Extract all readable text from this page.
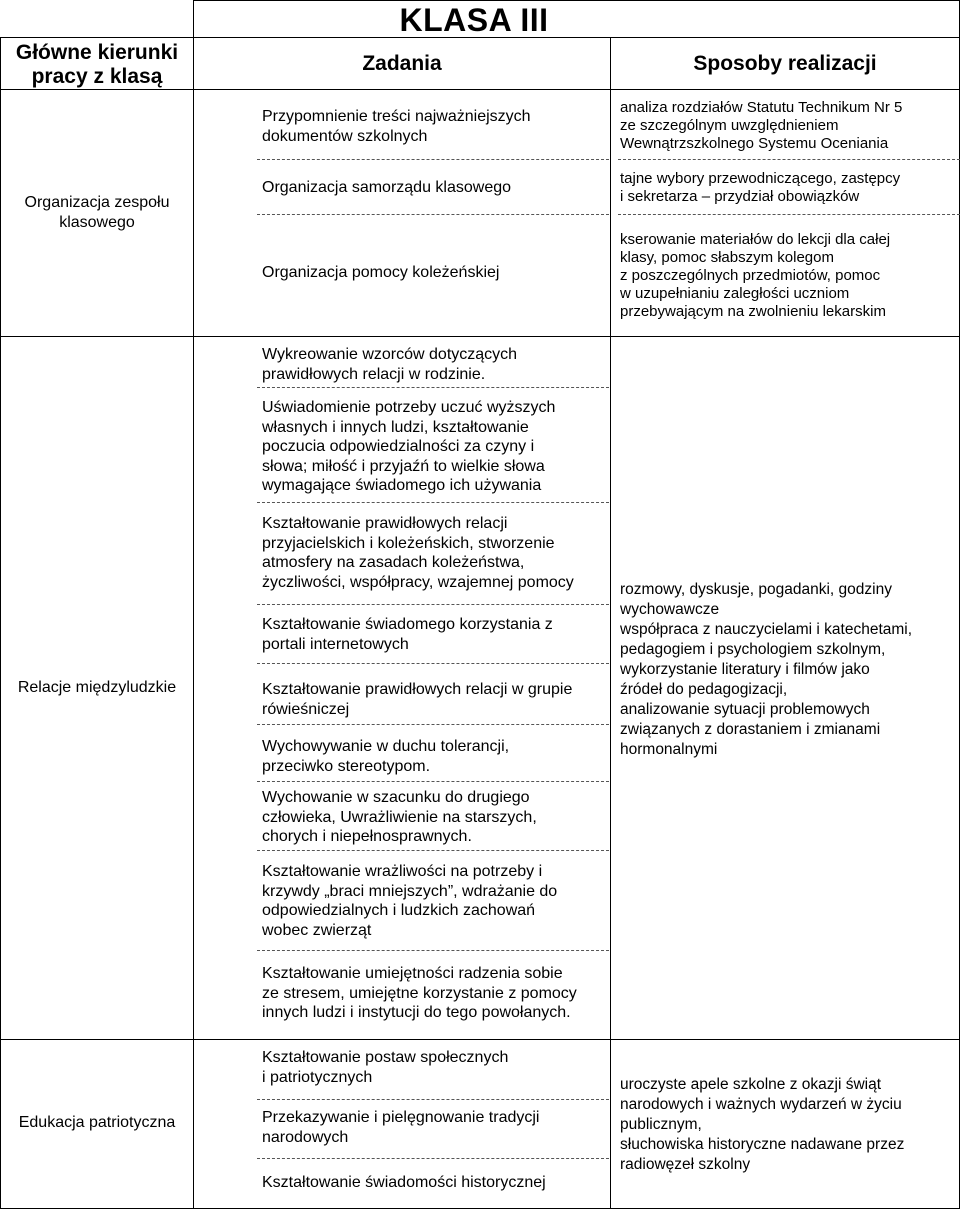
KLASA III
Główne kierunki
pracy z klasą
Zadania	Sposoby realizacji
Organizacja zespołu
klasowego
Przypomnienie treści najważniejszych
dokumentów szkolnych
Organizacja samorządu klasowego
Organizacja pomocy koleżeńskiej
analiza rozdziałów Statutu Technikum Nr 5
ze szczególnym uwzględnieniem
Wewnątrzszkolnego Systemu Oceniania
tajne wybory przewodniczącego, zastępcy
i sekretarza – przydział obowiązków
kserowanie materiałów do lekcji dla całej
klasy, pomoc słabszym kolegom
z poszczególnych przedmiotów, pomoc
w uzupełnianiu zaległości uczniom
przebywającym na zwolnieniu lekarskim
Relacje międzyludzkie
Wykreowanie wzorców dotyczących
prawidłowych relacji w rodzinie.
Uświadomienie potrzeby uczuć wyższych
własnych i innych ludzi, kształtowanie
poczucia odpowiedzialności za czyny i
słowa; miłość i przyjaźń to wielkie słowa
wymagające świadomego ich używania
Kształtowanie prawidłowych relacji
przyjacielskich i koleżeńskich, stworzenie
atmosfery na zasadach koleżeństwa,
życzliwości, współpracy, wzajemnej pomocy
Kształtowanie świadomego korzystania z
portali internetowych
Kształtowanie prawidłowych relacji w grupie
rówieśniczej
Wychowywanie w duchu tolerancji,
przeciwko stereotypom.
Wychowanie w szacunku do drugiego
człowieka, Uwrażliwienie na starszych,
chorych i niepełnosprawnych.
Kształtowanie wrażliwości na potrzeby i
krzywdy „braci mniejszych”, wdrażanie do
odpowiedzialnych i ludzkich zachowań
wobec zwierząt
Kształtowanie umiejętności radzenia sobie
ze stresem, umiejętne korzystanie z pomocy
innych ludzi i instytucji do tego powołanych.
rozmowy, dyskusje, pogadanki, godziny
wychowawcze
współpraca z nauczycielami i katechetami,
pedagogiem i psychologiem szkolnym,
wykorzystanie literatury i filmów jako
źródeł do pedagogizacji,
analizowanie sytuacji problemowych
związanych z dorastaniem i zmianami
hormonalnymi
Edukacja patriotyczna
Kształtowanie postaw społecznych
i patriotycznych
Przekazywanie i pielęgnowanie tradycji
narodowych
Kształtowanie świadomości historycznej
uroczyste apele szkolne z okazji świąt
narodowych i ważnych wydarzeń w życiu
publicznym,
słuchowiska historyczne nadawane przez
radiowęzeł szkolny
